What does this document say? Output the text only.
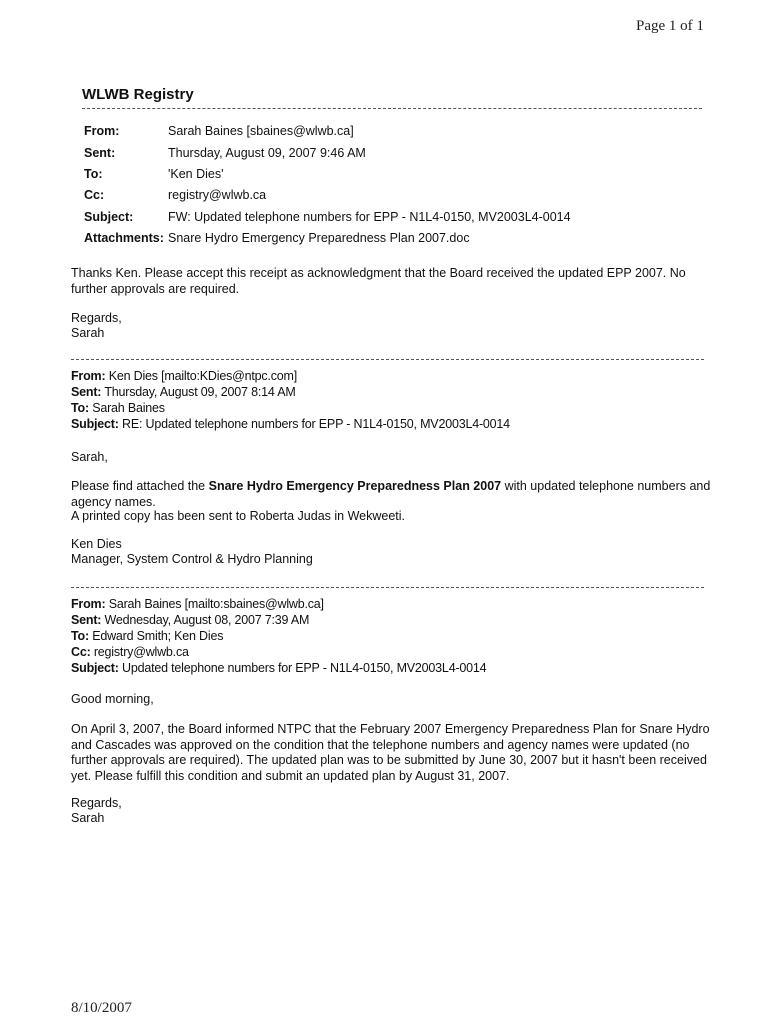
Page 1 of 1
WLWB Registry
From:	Sarah Baines [sbaines@wlwb.ca]
Sent:	Thursday, August 09, 2007 9:46 AM
To:	'Ken Dies'
Cc:	registry@wlwb.ca
Subject:	FW: Updated telephone numbers for EPP - N1L4-0150, MV2003L4-0014
Attachments: Snare Hydro Emergency Preparedness Plan 2007.doc
Thanks Ken. Please accept this receipt as acknowledgment that the Board received the updated EPP 2007. No further approvals are required.
Regards,
Sarah
From: Ken Dies [mailto:KDies@ntpc.com]
Sent: Thursday, August 09, 2007 8:14 AM
To: Sarah Baines
Subject: RE: Updated telephone numbers for EPP - N1L4-0150, MV2003L4-0014
Sarah,
Please find attached the Snare Hydro Emergency Preparedness Plan 2007 with updated telephone numbers and agency names.
A printed copy has been sent to Roberta Judas in Wekweeti.
Ken Dies
Manager, System Control & Hydro Planning
From: Sarah Baines [mailto:sbaines@wlwb.ca]
Sent: Wednesday, August 08, 2007 7:39 AM
To: Edward Smith; Ken Dies
Cc: registry@wlwb.ca
Subject: Updated telephone numbers for EPP - N1L4-0150, MV2003L4-0014
Good morning,
On April 3, 2007, the Board informed NTPC that the February 2007 Emergency Preparedness Plan for Snare Hydro and Cascades was approved on the condition that the telephone numbers and agency names were updated (no further approvals are required). The updated plan was to be submitted by June 30, 2007 but it hasn't been received yet. Please fulfill this condition and submit an updated plan by August 31, 2007.
Regards,
Sarah
8/10/2007
